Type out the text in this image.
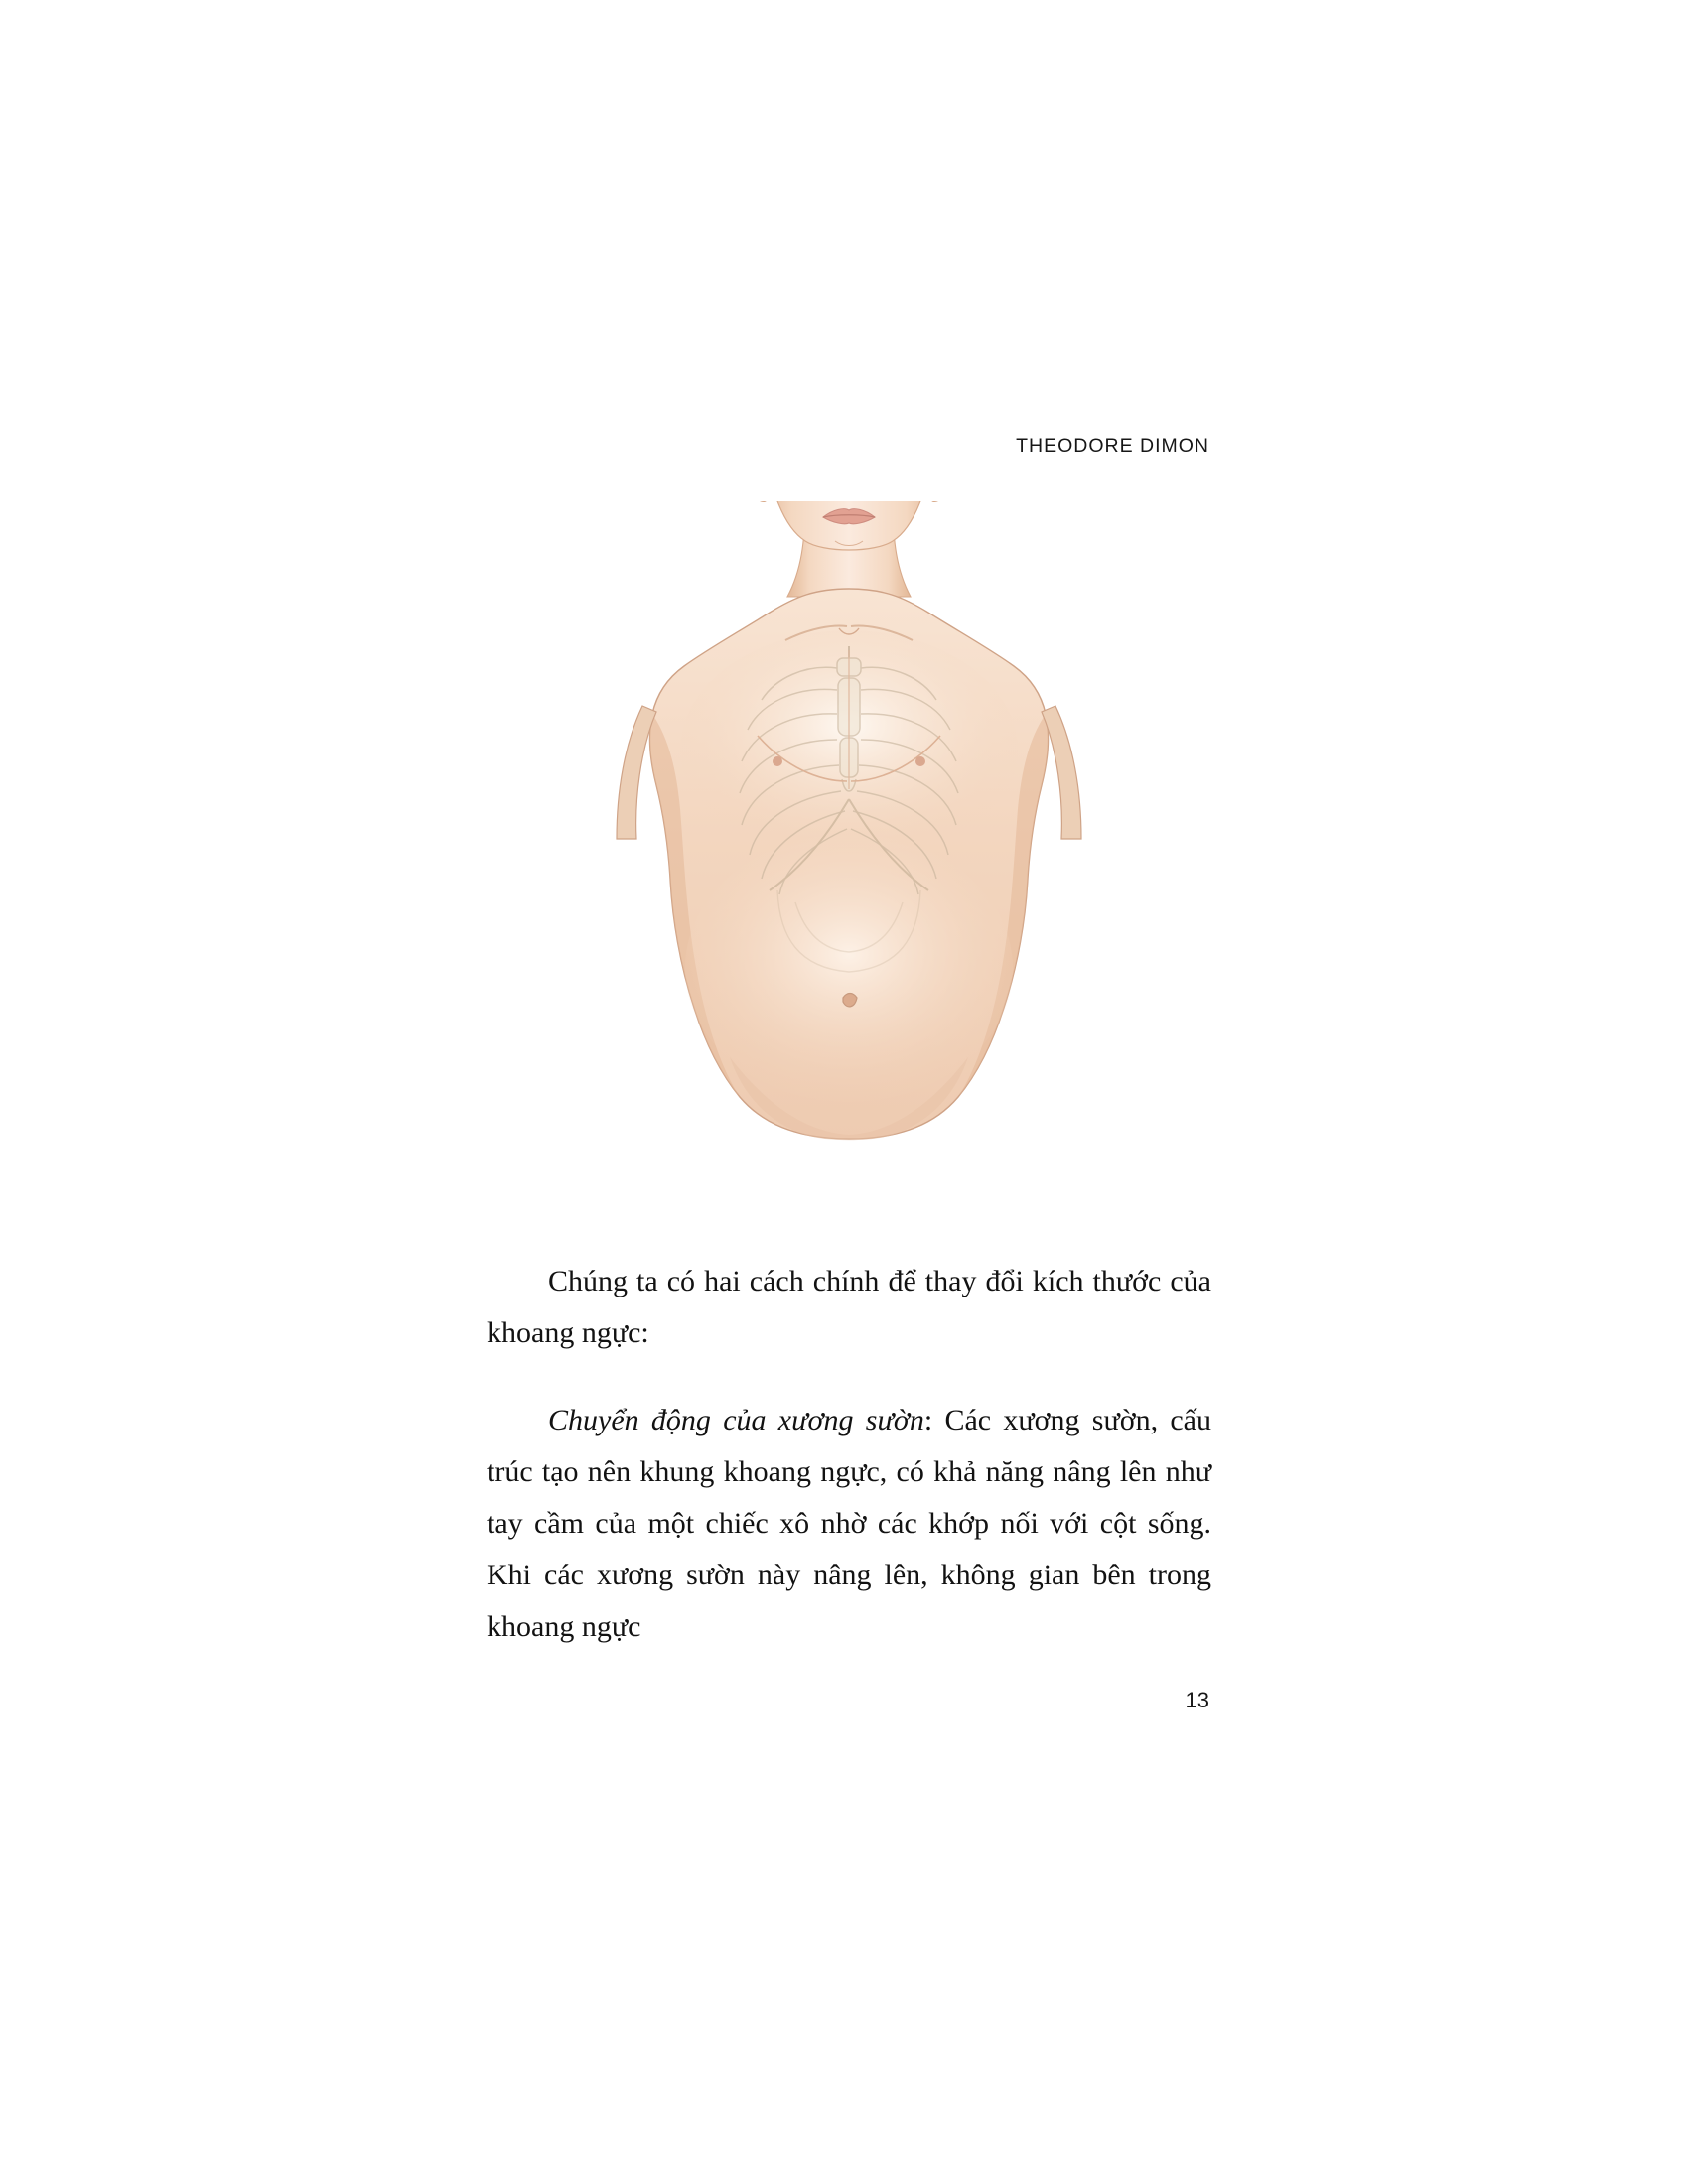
THEODORE DIMON

Chúng ta có hai cách chính để thay đổi kích thước của khoang ngực:

Chuyển động của xương sườn: Các xương sườn, cấu trúc tạo nên khung khoang ngực, có khả năng nâng lên như tay cầm của một chiếc xô nhờ các khớp nối với cột sống. Khi các xương sườn này nâng lên, không gian bên trong khoang ngực

13
